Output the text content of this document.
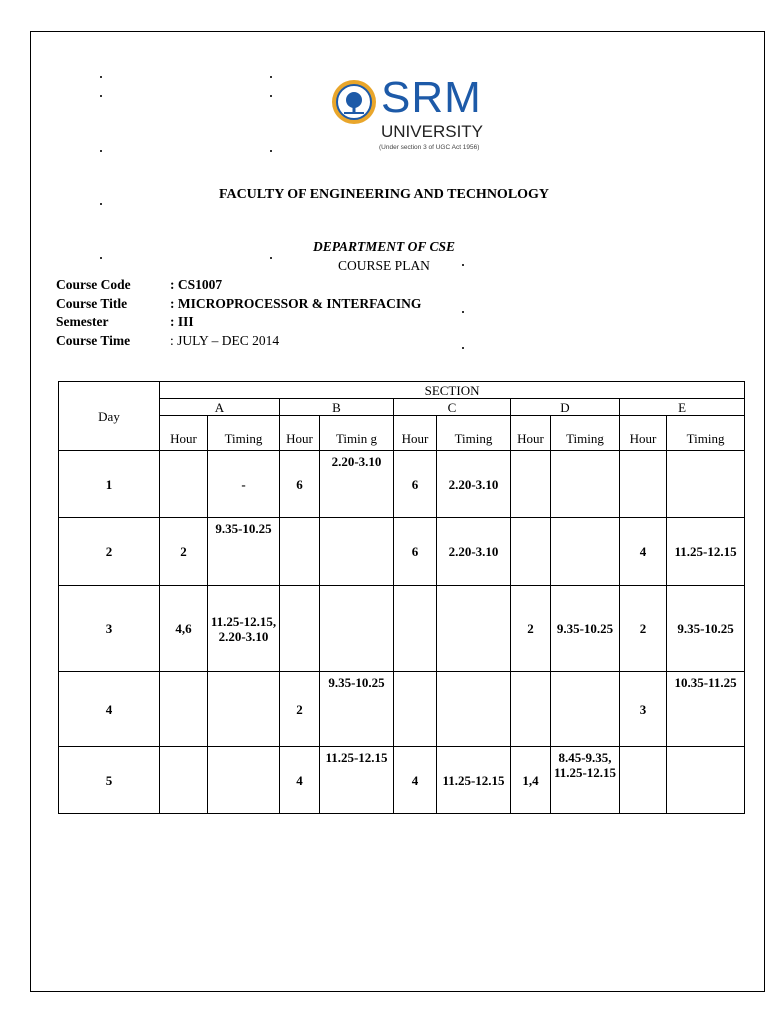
SRM
UNIVERSITY
(Under section 3 of UGC Act 1956)
FACULTY OF ENGINEERING AND TECHNOLOGY
DEPARTMENT OF CSE
COURSE PLAN
Course Code	: CS1007
Course Title	: MICROPROCESSOR & INTERFACING
Semester	: III
Course Time	: JULY – DEC 2014
Day	SECTION									
	A		B		C		D		E	
	Hour	Timing	Hour	Timin g	Hour	Timing	Hour	Timing	Hour	Timing
1		-	6	2.20-3.10	6	2.20-3.10				
2	2	9.35-10.25			6	2.20-3.10			4	11.25-12.15
3	4,6	11.25-12.15, 2.20-3.10					2	9.35-10.25	2	9.35-10.25
4			2	9.35-10.25					3	10.35-11.25
5			4	11.25-12.15	4	11.25-12.15	1,4	8.45-9.35, 11.25-12.15		
